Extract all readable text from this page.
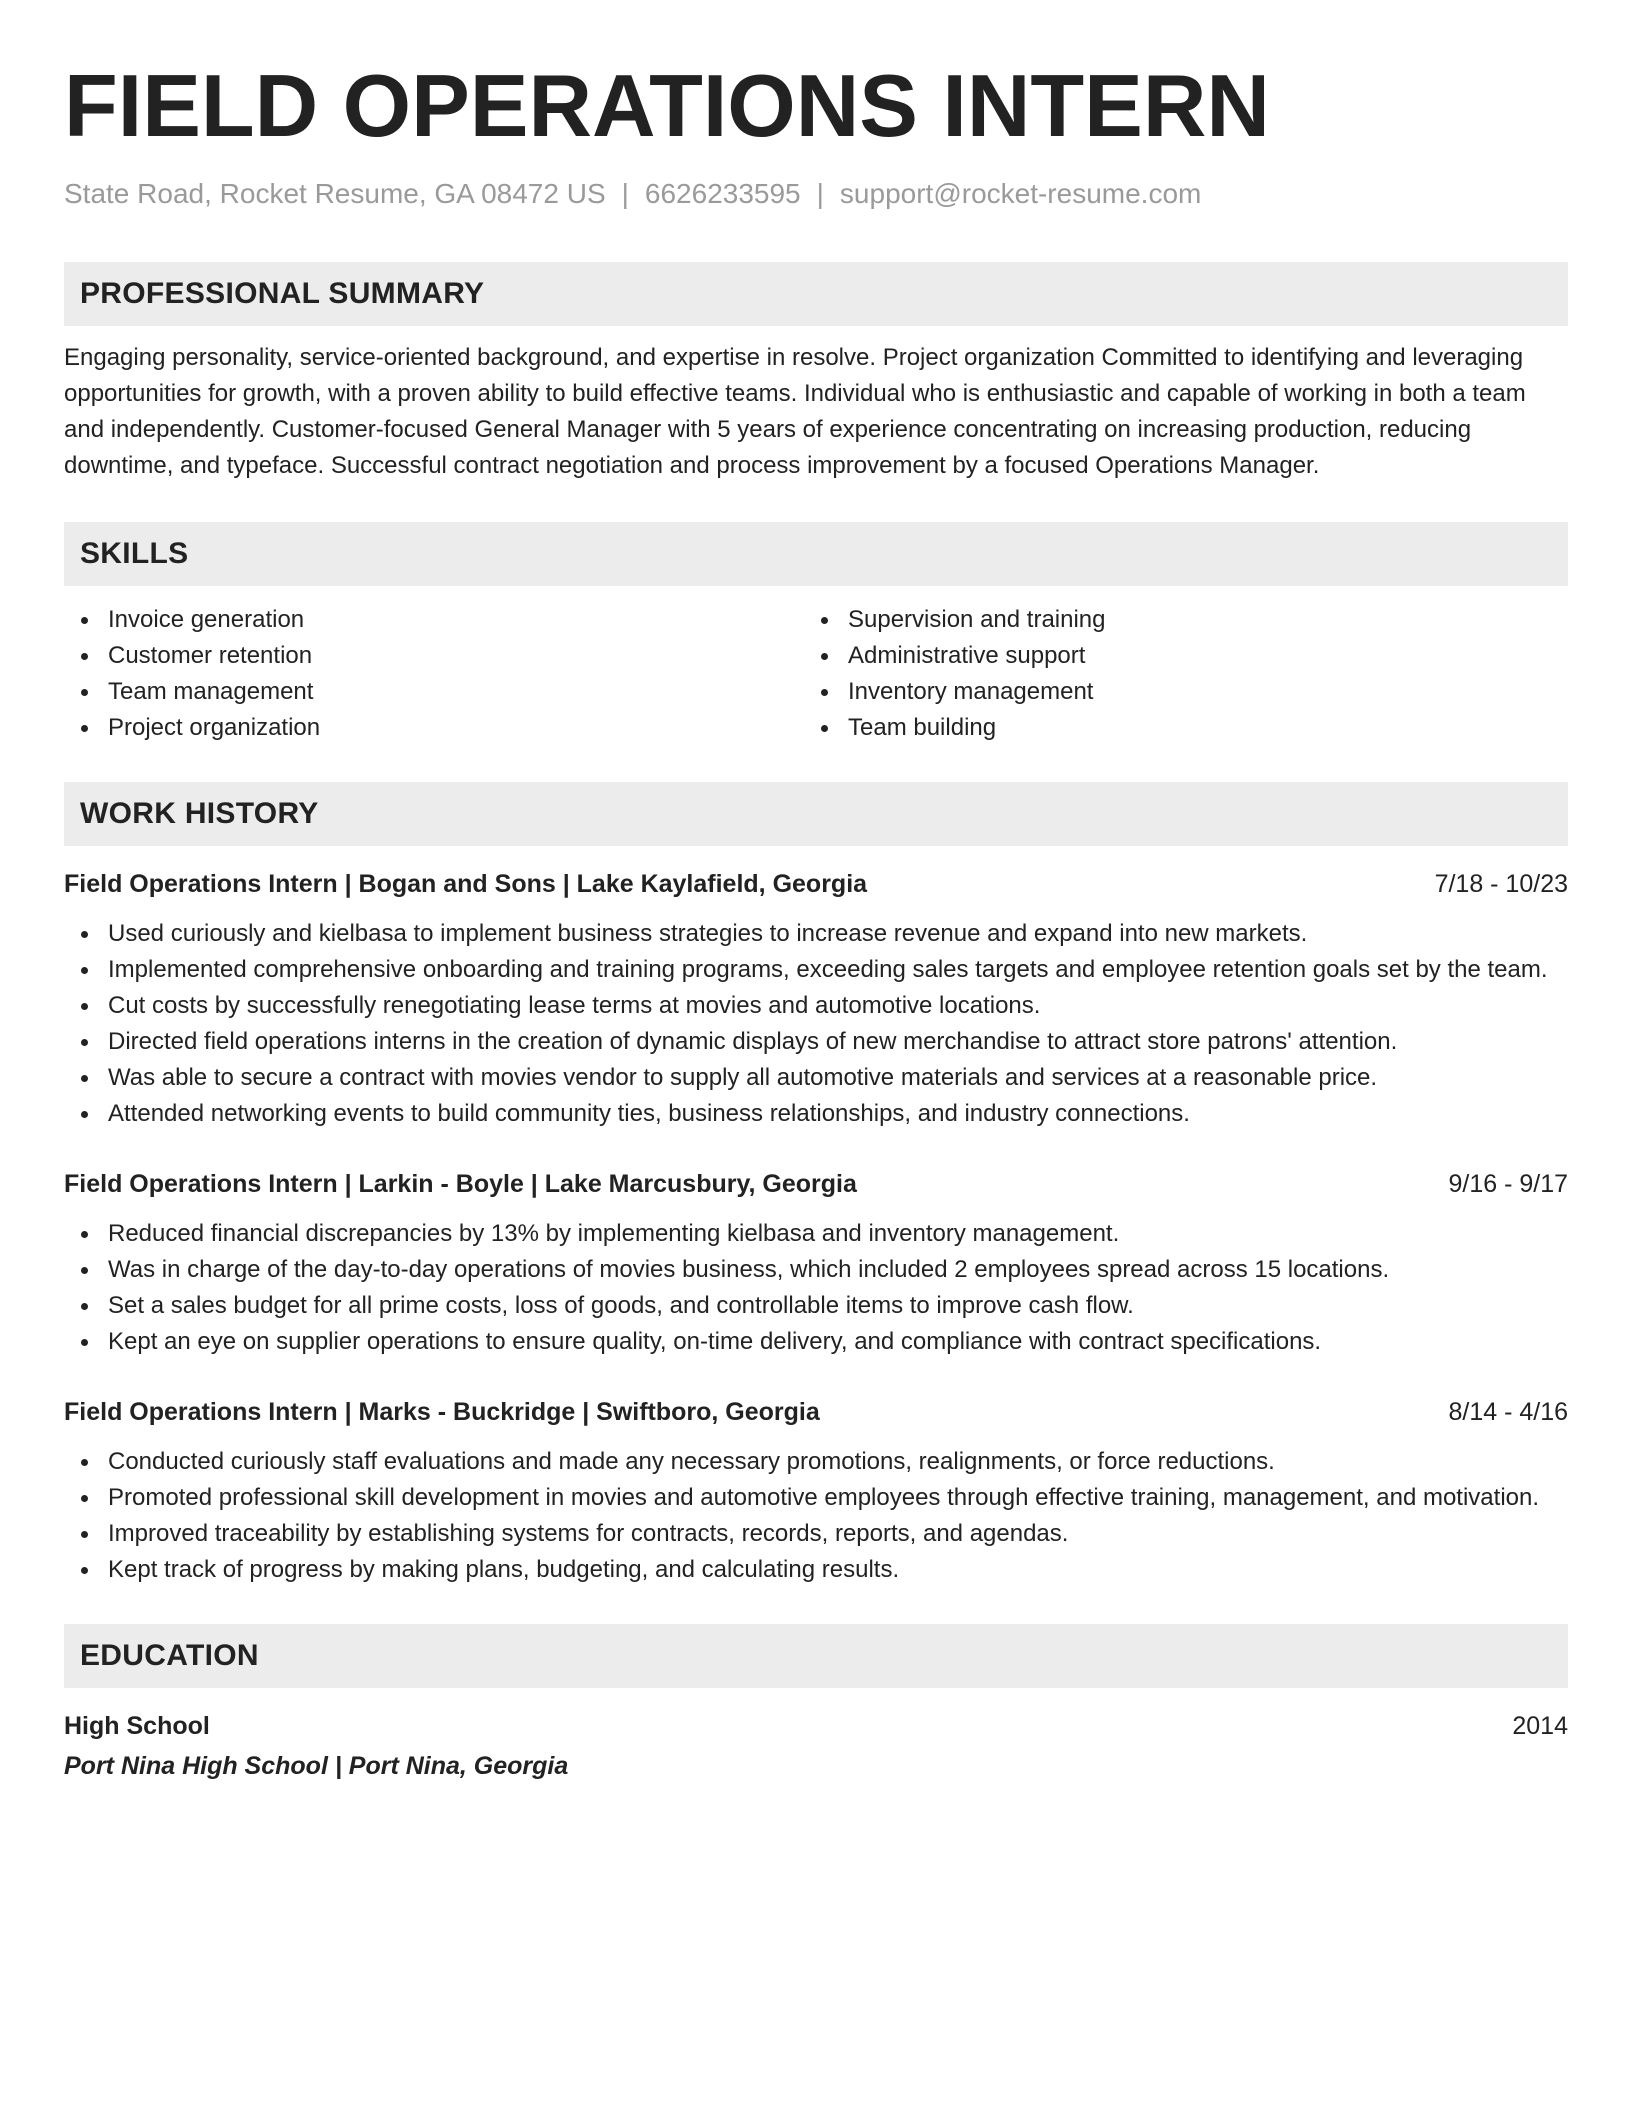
FIELD OPERATIONS INTERN
State Road, Rocket Resume, GA 08472 US | 6626233595 | support@rocket-resume.com
PROFESSIONAL SUMMARY
Engaging personality, service-oriented background, and expertise in resolve. Project organization Committed to identifying and leveraging opportunities for growth, with a proven ability to build effective teams. Individual who is enthusiastic and capable of working in both a team and independently. Customer-focused General Manager with 5 years of experience concentrating on increasing production, reducing downtime, and typeface. Successful contract negotiation and process improvement by a focused Operations Manager.
SKILLS
Invoice generation
Customer retention
Team management
Project organization
Supervision and training
Administrative support
Inventory management
Team building
WORK HISTORY
Field Operations Intern | Bogan and Sons | Lake Kaylafield, Georgia	7/18 - 10/23
Used curiously and kielbasa to implement business strategies to increase revenue and expand into new markets.
Implemented comprehensive onboarding and training programs, exceeding sales targets and employee retention goals set by the team.
Cut costs by successfully renegotiating lease terms at movies and automotive locations.
Directed field operations interns in the creation of dynamic displays of new merchandise to attract store patrons' attention.
Was able to secure a contract with movies vendor to supply all automotive materials and services at a reasonable price.
Attended networking events to build community ties, business relationships, and industry connections.
Field Operations Intern | Larkin - Boyle | Lake Marcusbury, Georgia	9/16 - 9/17
Reduced financial discrepancies by 13% by implementing kielbasa and inventory management.
Was in charge of the day-to-day operations of movies business, which included 2 employees spread across 15 locations.
Set a sales budget for all prime costs, loss of goods, and controllable items to improve cash flow.
Kept an eye on supplier operations to ensure quality, on-time delivery, and compliance with contract specifications.
Field Operations Intern | Marks - Buckridge | Swiftboro, Georgia	8/14 - 4/16
Conducted curiously staff evaluations and made any necessary promotions, realignments, or force reductions.
Promoted professional skill development in movies and automotive employees through effective training, management, and motivation.
Improved traceability by establishing systems for contracts, records, reports, and agendas.
Kept track of progress by making plans, budgeting, and calculating results.
EDUCATION
High School	2014
Port Nina High School | Port Nina, Georgia
